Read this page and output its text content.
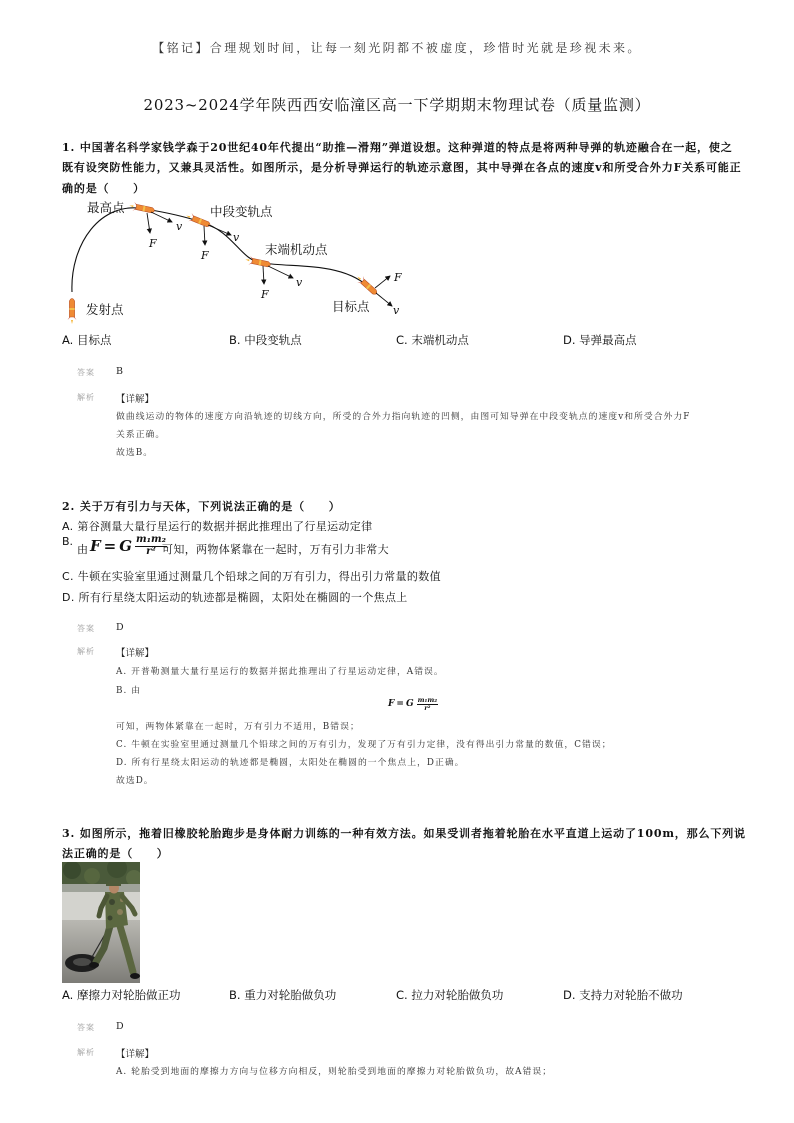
【铭记】合理规划时间，让每一刻光阴都不被虚度，珍惜时光就是珍视未来。
2023~2024学年陕西西安临潼区高一下学期期末物理试卷（质量监测）
1. 中国著名科学家钱学森于20世纪40年代提出“助推—滑翔”弹道设想。这种弹道的特点是将两种导弹的轨迹融合在一起，使之
既有设突防性能力，又兼具灵活性。如图所示，是分析导弹运行的轨迹示意图，其中导弹在各点的速度v和所受合外力F关系可能正
确的是（　　）
v
F	v
F
v
F
F
v
最高点	中段变轨点
末端机动点
目标点
发射点
A. 目标点	B. 中段变轨点	C. 末端机动点	D. 导弹最高点
答案 B
解析 【详解】
做曲线运动的物体的速度方向沿轨迹的切线方向，所受的合外力指向轨迹的凹侧，由图可知导弹在中段变轨点的速度v和所受合外力F
关系正确。
故选B。
2. 关于万有引力与天体，下列说法正确的是（　　）
A. 第谷测量大量行星运行的数据并据此推理出了行星运动定律
B.
由 F = G $\frac{\text{m₁m₂}}{\text{r²}}$
可知，两物体紧靠在一起时，万有引力非常大
C. 牛顿在实验室里通过测量几个铅球之间的万有引力，得出引力常量的数值
D. 所有行星绕太阳运动的轨迹都是椭圆，太阳处在椭圆的一个焦点上
答案 D
解析 【详解】
A. 开普勒测量大量行星运行的数据并据此推理出了行星运动定律，A错误。
B. 由
F = G $\frac{\text{m₁m₂}}{\text{r²}}$
可知，两物体紧靠在一起时，万有引力不适用，B错误；
C. 牛顿在实验室里通过测量几个铅球之间的万有引力，发现了万有引力定律，没有得出引力常量的数值，C错误；
D. 所有行星绕太阳运动的轨迹都是椭圆，太阳处在椭圆的一个焦点上，D正确。
故选D。
3. 如图所示，拖着旧橡胶轮胎跑步是身体耐力训练的一种有效方法。如果受训者拖着轮胎在水平直道上运动了100m，那么下列说
法正确的是（　　）
A. 摩擦力对轮胎做正功	B. 重力对轮胎做负功	C. 拉力对轮胎做负功	D. 支持力对轮胎不做功
答案 D
解析 【详解】
A. 轮胎受到地面的摩擦力方向与位移方向相反，则轮胎受到地面的摩擦力对轮胎做负功，故A错误；
